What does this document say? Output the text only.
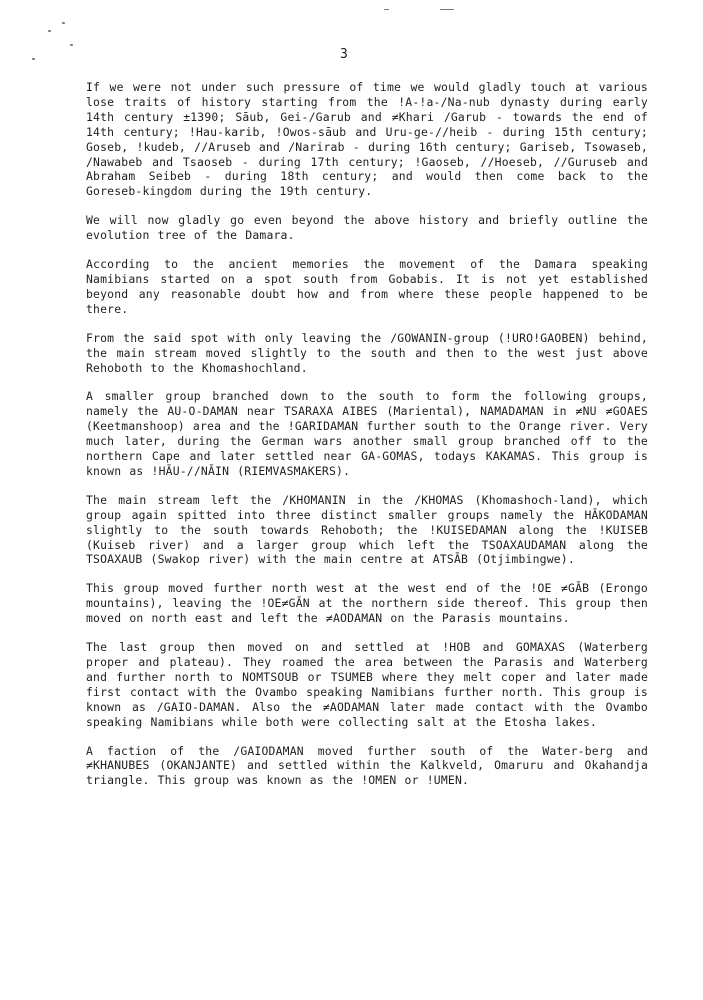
3

If we were not under such pressure of time we would gladly touch at various lose traits of history starting from the !A-!a-/Na-nub dynasty during early 14th century ±1390; Sāub, Gei-/Garub and ≠Khari /Garub - towards the end of 14th century; !Hau-karib, !Owos-sāub and Uru-ge-//heib - during 15th century; Goseb, !kudeb, //Aruseb and /Narirab - during 16th century; Gariseb, Tsowaseb, /Nawabeb and Tsaoseb - during 17th century; !Gaoseb, //Hoeseb, //Guruseb and Abraham Seibeb - during 18th century; and would then come back to the Goreseb-kingdom during the 19th century.

We will now gladly go even beyond the above history and briefly outline the evolution tree of the Damara.

According to the ancient memories the movement of the Damara speaking Namibians started on a spot south from Gobabis. It is not yet established beyond any reasonable doubt how and from where these people happened to be there.

From the said spot with only leaving the /GOWANIN-group (!URO!GAOBEN) behind, the main stream moved slightly to the south and then to the west just above Rehoboth to the Khomashochland.

A smaller group branched down to the south to form the following groups, namely the AU-O-DAMAN near TSARAXA AIBES (Mariental), NAMADAMAN in ≠NU ≠GOAES (Keetmanshoop) area and the !GARIDAMAN further south to the Orange river. Very much later, during the German wars another small group branched off to the northern Cape and later settled near GA-GOMAS, todays KAKAMAS. This group is known as !HĀU-//NĀIN (RIEMVASMAKERS).

The main stream left the /KHOMANIN in the /KHOMAS (Khomashoch-land), which group again spitted into three distinct smaller groups namely the HĀKODAMAN slightly to the south towards Rehoboth; the !KUISEDAMAN along the !KUISEB (Kuiseb river) and a larger group which left the TSOAXAUDAMAN along the TSOAXAUB (Swakop river) with the main centre at ATSĀB (Otjimbingwe).

This group moved further north west at the west end of the !OE ≠GĀB (Erongo mountains), leaving the !OE≠GĀN at the northern side thereof. This group then moved on north east and left the ≠AODAMAN on the Parasis mountains.

The last group then moved on and settled at !HOB and GOMAXAS (Waterberg proper and plateau). They roamed the area between the Parasis and Waterberg and further north to NOMTSOUB or TSUMEB where they melt coper and later made first contact with the Ovambo speaking Namibians further north. This group is known as /GAIO-DAMAN. Also the ≠AODAMAN later made contact with the Ovambo speaking Namibians while both were collecting salt at the Etosha lakes.

A faction of the /GAIODAMAN moved further south of the Water-berg and ≠KHANUBES (OKANJANTE) and settled within the Kalkveld, Omaruru and Okahandja triangle. This group was known as the !OMEN or !UMEN.
